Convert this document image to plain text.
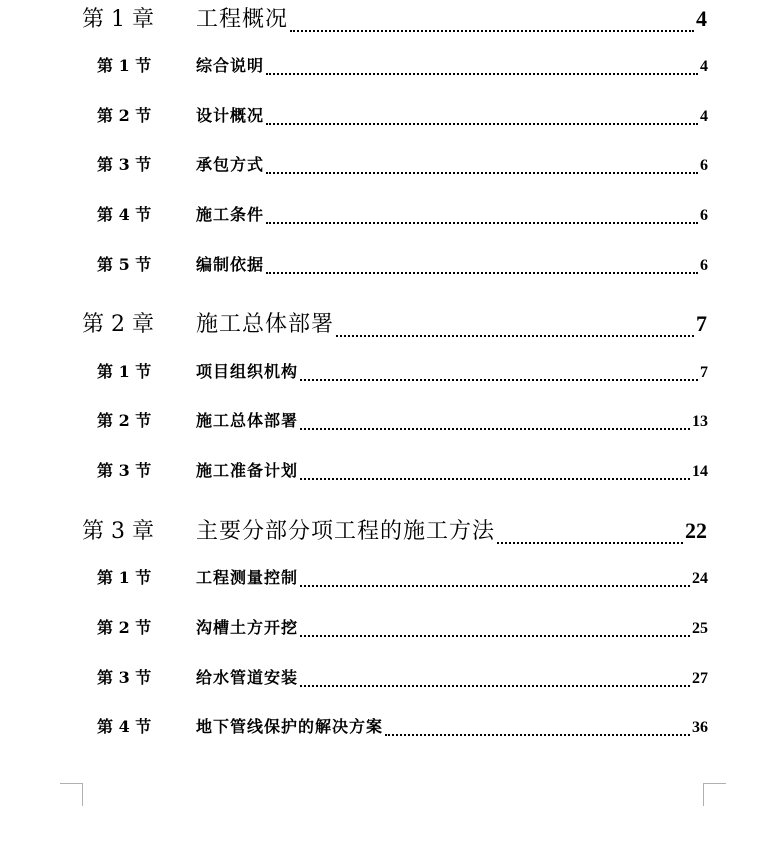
第 1 章	工程概况	4
第 1 节	综合说明	4
第 2 节	设计概况	4
第 3 节	承包方式	6
第 4 节	施工条件	6
第 5 节	编制依据	6
第 2 章	施工总体部署	7
第 1 节	项目组织机构	7
第 2 节	施工总体部署	13
第 3 节	施工准备计划	14
第 3 章	主要分部分项工程的施工方法	22
第 1 节	工程测量控制	24
第 2 节	沟槽土方开挖	25
第 3 节	给水管道安装	27
第 4 节	地下管线保护的解决方案	36
